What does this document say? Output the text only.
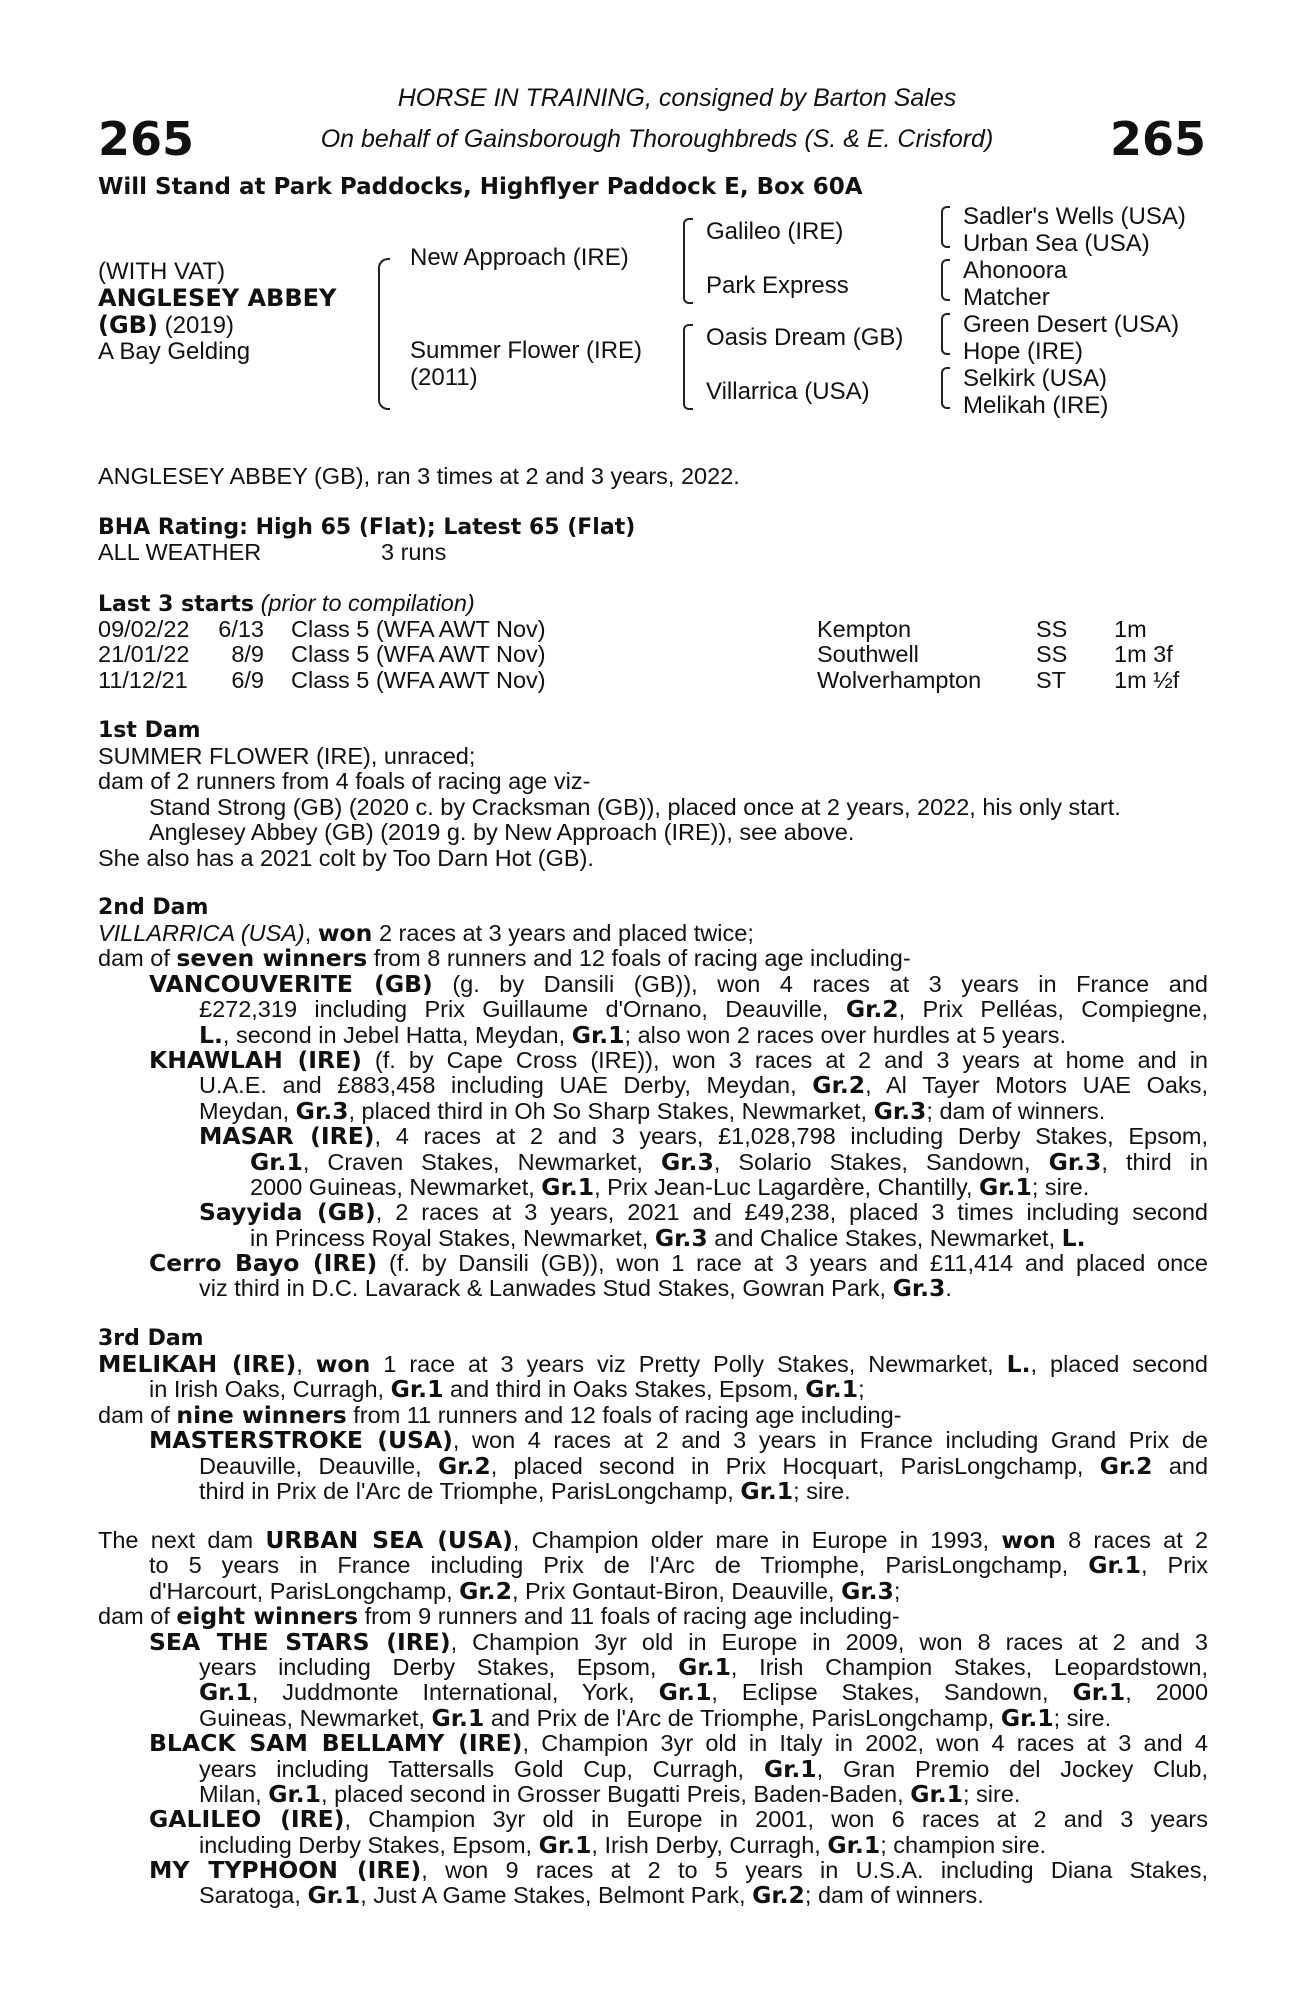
265	265
HORSE IN TRAINING, consigned by Barton Sales
On behalf of Gainsborough Thoroughbreds (S. & E. Crisford)
Will Stand at Park Paddocks, Highflyer Paddock E, Box 60A
(WITH VAT)
ANGLESEY ABBEY
(GB) (2019)
A Bay Gelding
New Approach (IRE)
Summer Flower (IRE)
(2011)
Galileo (IRE)
Park Express
Oasis Dream (GB)
Villarrica (USA)
Sadler's Wells (USA)
Urban Sea (USA)
Ahonoora
Matcher
Green Desert (USA)
Hope (IRE)
Selkirk (USA)
Melikah (IRE)
ANGLESEY ABBEY (GB), ran 3 times at 2 and 3 years, 2022.
BHA Rating: High 65 (Flat); Latest 65 (Flat)
ALL WEATHER	3 runs
Last 3 starts (prior to compilation)
09/02/22 6/13 Class 5 (WFA AWT Nov)	Kempton	SS 1m
21/01/22 8/9 Class 5 (WFA AWT Nov)	Southwell	SS 1m 3f
11/12/21 6/9 Class 5 (WFA AWT Nov)	Wolverhampton ST 1m ½f
1st Dam
SUMMER FLOWER (IRE), unraced;
dam of 2 runners from 4 foals of racing age viz-
Stand Strong (GB) (2020 c. by Cracksman (GB)), placed once at 2 years, 2022, his only start.
Anglesey Abbey (GB) (2019 g. by New Approach (IRE)), see above.
She also has a 2021 colt by Too Darn Hot (GB).
2nd Dam
VILLARRICA (USA), won 2 races at 3 years and placed twice;
dam of seven winners from 8 runners and 12 foals of racing age including-
VANCOUVERITE (GB) (g. by Dansili (GB)), won 4 races at 3 years in France and
£272,319 including Prix Guillaume d'Ornano, Deauville, Gr.2, Prix Pelléas, Compiegne,
L., second in Jebel Hatta, Meydan, Gr.1; also won 2 races over hurdles at 5 years.
KHAWLAH (IRE) (f. by Cape Cross (IRE)), won 3 races at 2 and 3 years at home and in
U.A.E. and £883,458 including UAE Derby, Meydan, Gr.2, Al Tayer Motors UAE Oaks,
Meydan, Gr.3, placed third in Oh So Sharp Stakes, Newmarket, Gr.3; dam of winners.
MASAR (IRE), 4 races at 2 and 3 years, £1,028,798 including Derby Stakes, Epsom,
Gr.1, Craven Stakes, Newmarket, Gr.3, Solario Stakes, Sandown, Gr.3, third in
2000 Guineas, Newmarket, Gr.1, Prix Jean-Luc Lagardère, Chantilly, Gr.1; sire.
Sayyida (GB), 2 races at 3 years, 2021 and £49,238, placed 3 times including second
in Princess Royal Stakes, Newmarket, Gr.3 and Chalice Stakes, Newmarket, L.
Cerro Bayo (IRE) (f. by Dansili (GB)), won 1 race at 3 years and £11,414 and placed once
viz third in D.C. Lavarack & Lanwades Stud Stakes, Gowran Park, Gr.3.
3rd Dam
MELIKAH (IRE), won 1 race at 3 years viz Pretty Polly Stakes, Newmarket, L., placed second
in Irish Oaks, Curragh, Gr.1 and third in Oaks Stakes, Epsom, Gr.1;
dam of nine winners from 11 runners and 12 foals of racing age including-
MASTERSTROKE (USA), won 4 races at 2 and 3 years in France including Grand Prix de
Deauville, Deauville, Gr.2, placed second in Prix Hocquart, ParisLongchamp, Gr.2 and
third in Prix de l'Arc de Triomphe, ParisLongchamp, Gr.1; sire.
The next dam URBAN SEA (USA), Champion older mare in Europe in 1993, won 8 races at 2
to 5 years in France including Prix de l'Arc de Triomphe, ParisLongchamp, Gr.1, Prix
d'Harcourt, ParisLongchamp, Gr.2, Prix Gontaut-Biron, Deauville, Gr.3;
dam of eight winners from 9 runners and 11 foals of racing age including-
SEA THE STARS (IRE), Champion 3yr old in Europe in 2009, won 8 races at 2 and 3
years including Derby Stakes, Epsom, Gr.1, Irish Champion Stakes, Leopardstown,
Gr.1, Juddmonte International, York, Gr.1, Eclipse Stakes, Sandown, Gr.1, 2000
Guineas, Newmarket, Gr.1 and Prix de l'Arc de Triomphe, ParisLongchamp, Gr.1; sire.
BLACK SAM BELLAMY (IRE), Champion 3yr old in Italy in 2002, won 4 races at 3 and 4
years including Tattersalls Gold Cup, Curragh, Gr.1, Gran Premio del Jockey Club,
Milan, Gr.1, placed second in Grosser Bugatti Preis, Baden-Baden, Gr.1; sire.
GALILEO (IRE), Champion 3yr old in Europe in 2001, won 6 races at 2 and 3 years
including Derby Stakes, Epsom, Gr.1, Irish Derby, Curragh, Gr.1; champion sire.
MY TYPHOON (IRE), won 9 races at 2 to 5 years in U.S.A. including Diana Stakes,
Saratoga, Gr.1, Just A Game Stakes, Belmont Park, Gr.2; dam of winners.
